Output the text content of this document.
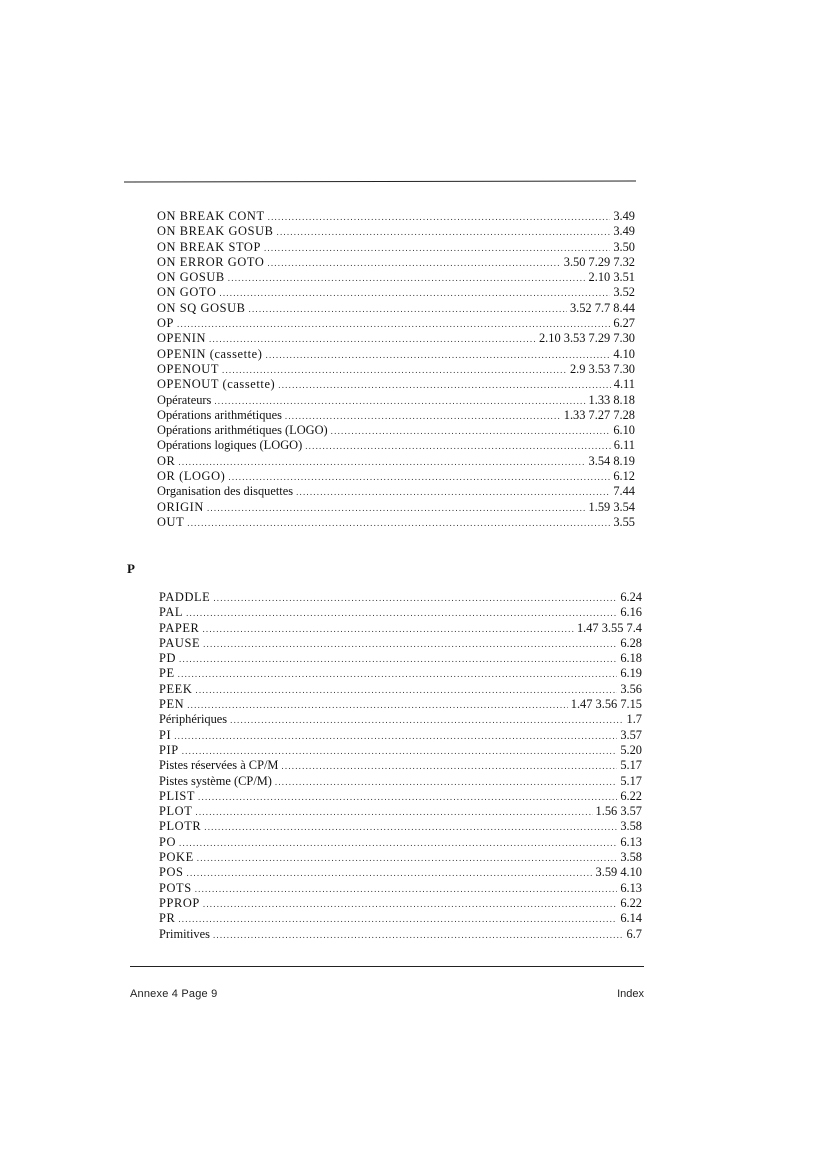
ON BREAK CONT .....	3.49
ON BREAK GOSUB .....	3.49
ON BREAK STOP .....	3.50
ON ERROR GOTO .....	3.50 7.29 7.32
ON GOSUB .....	2.10 3.51
ON GOTO .....	3.52
ON SQ GOSUB .....	3.52 7.7 8.44
OP .....	6.27
OPENIN .....	2.10 3.53 7.29 7.30
OPENIN (cassette) .....	4.10
OPENOUT .....	2.9 3.53 7.30
OPENOUT (cassette) .....	4.11
Opérateurs .....	1.33 8.18
Opérations arithmétiques .....	1.33 7.27 7.28
Opérations arithmétiques (LOGO) .....	6.10
Opérations logiques (LOGO) .....	6.11
OR .....	3.54 8.19
OR (LOGO) .....	6.12
Organisation des disquettes .....	7.44
ORIGIN .....	1.59 3.54
OUT .....	3.55
P
PADDLE .....	6.24
PAL .....	6.16
PAPER .....	1.47 3.55 7.4
PAUSE .....	6.28
PD .....	6.18
PE .....	6.19
PEEK .....	3.56
PEN .....	1.47 3.56 7.15
Périphériques .....	1.7
PI .....	3.57
PIP .....	5.20
Pistes réservées à CP/M .....	5.17
Pistes système (CP/M) .....	5.17
PLIST .....	6.22
PLOT .....	1.56 3.57
PLOTR .....	3.58
PO .....	6.13
POKE .....	3.58
POS .....	3.59 4.10
POTS .....	6.13
PPROP .....	6.22
PR .....	6.14
Primitives .....	6.7
Annexe 4 Page 9	Index
